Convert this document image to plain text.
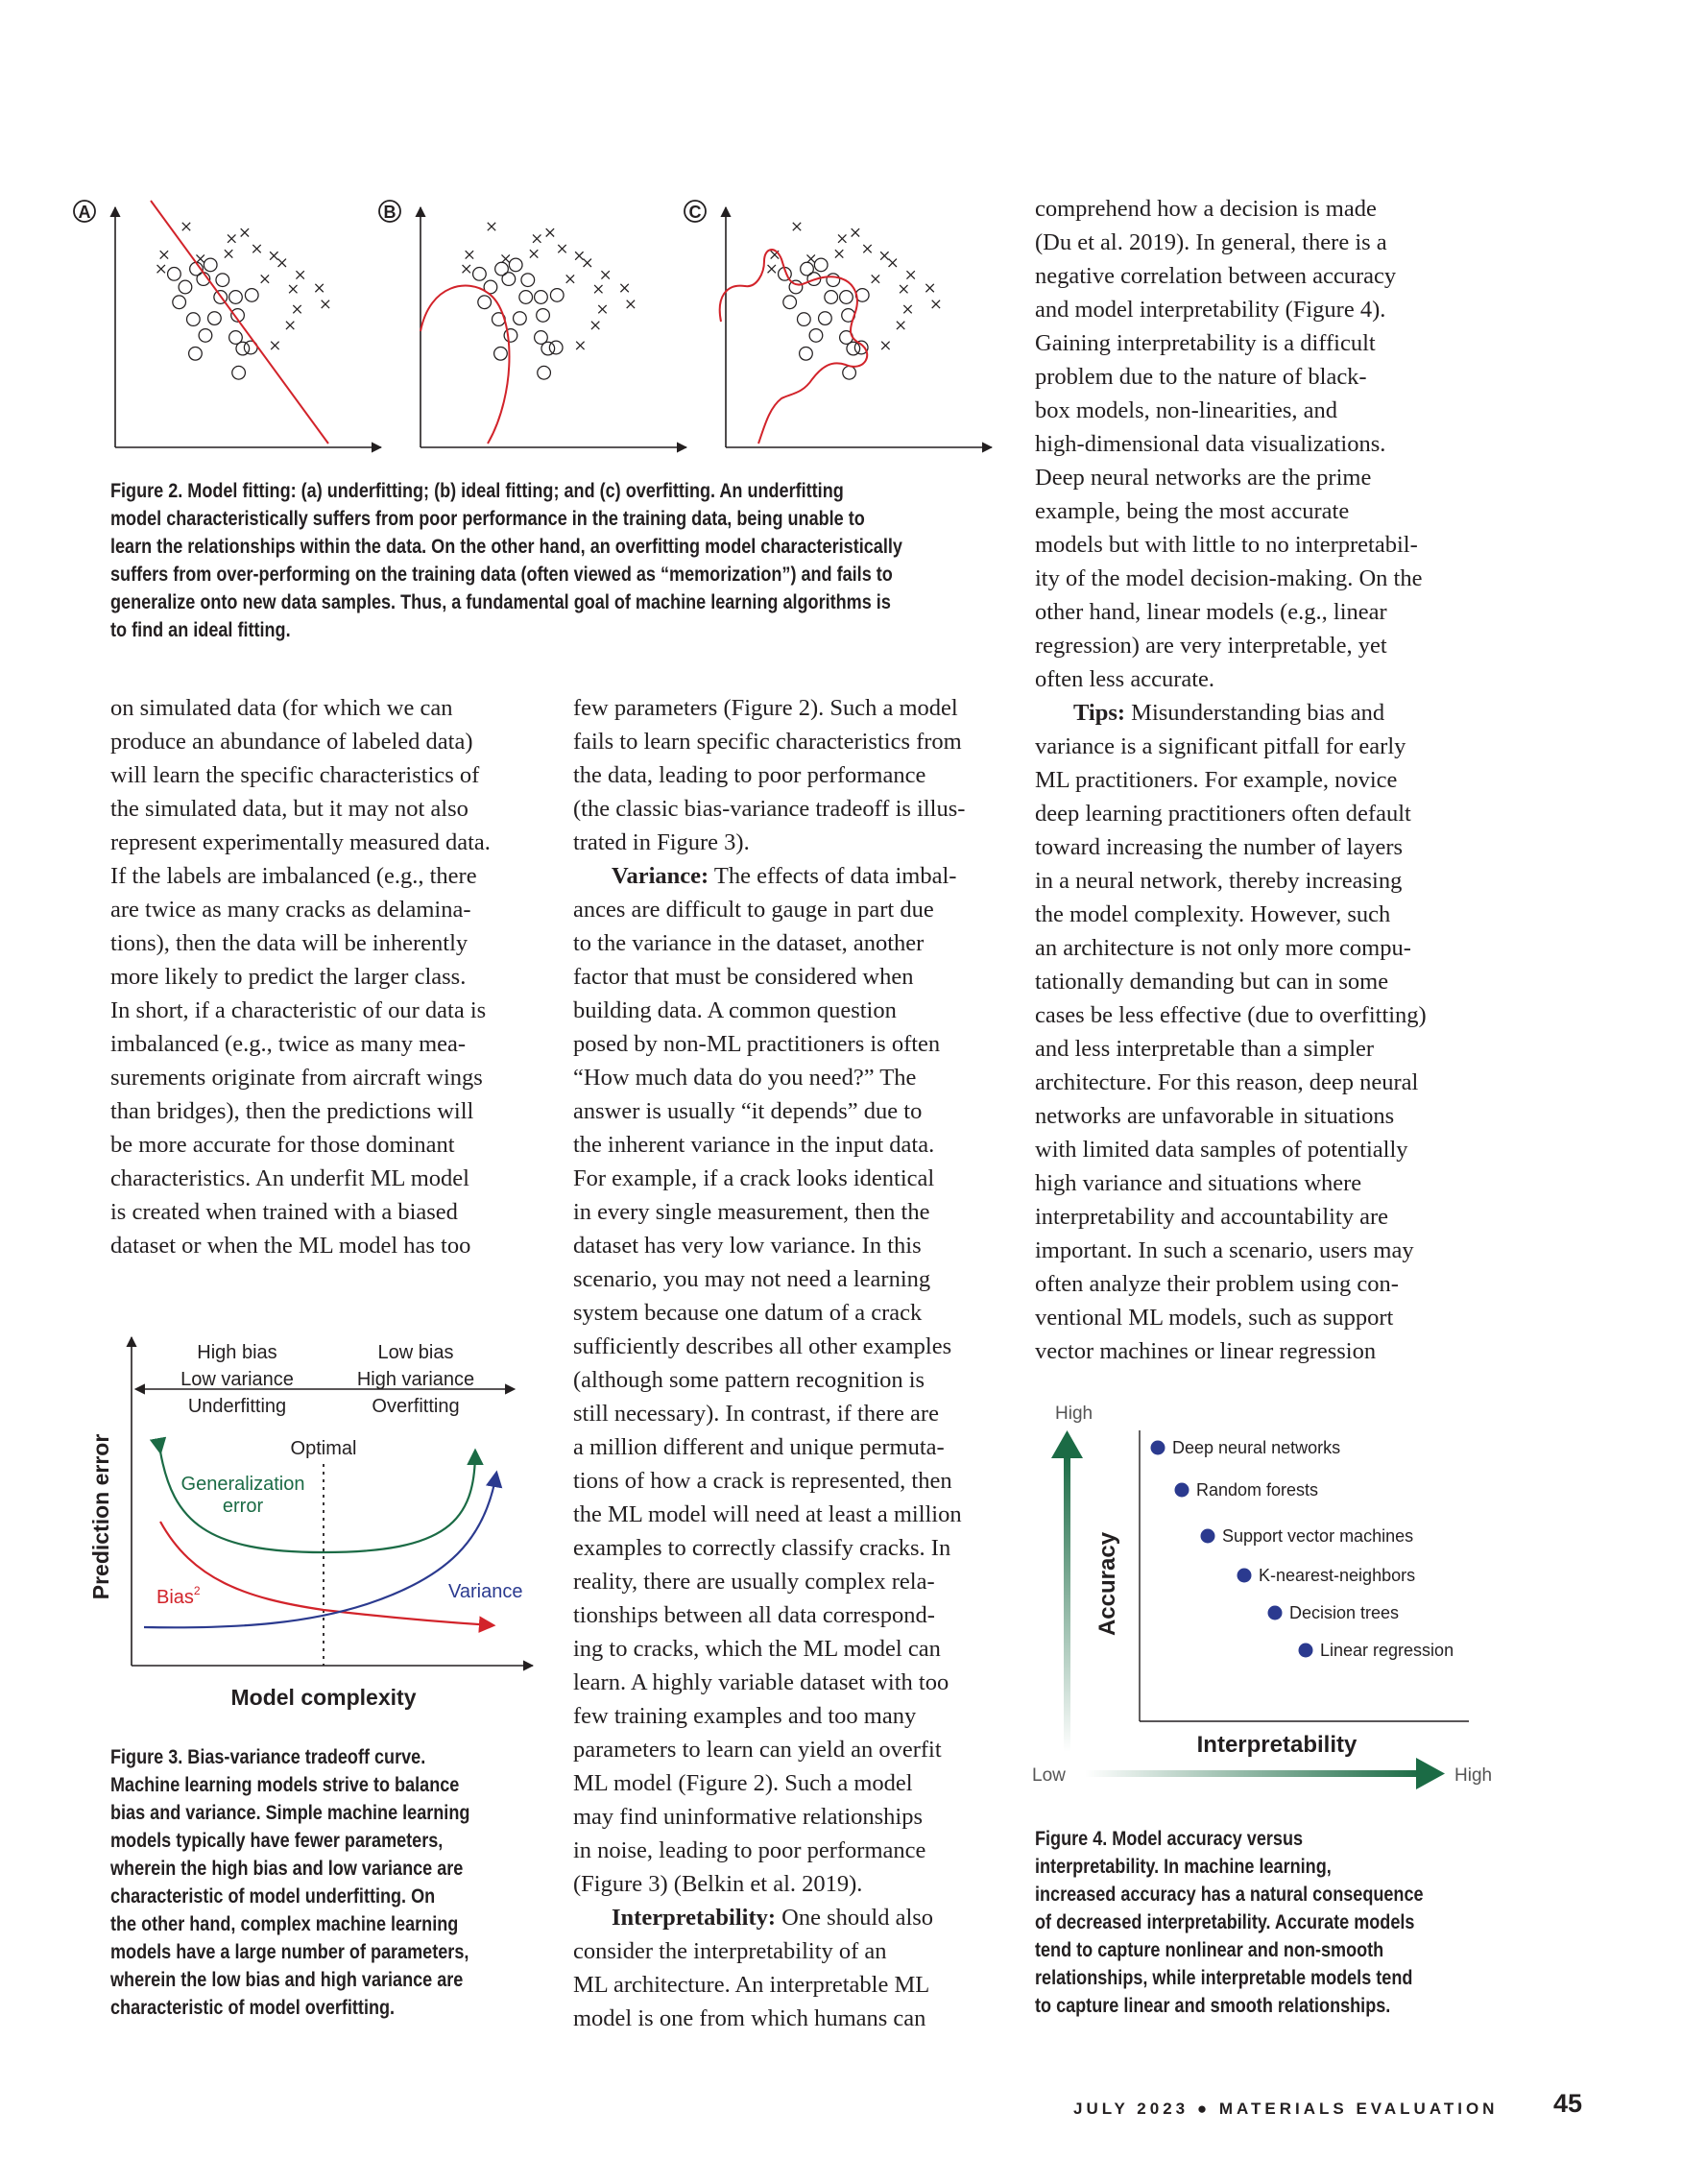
A	B	C
Figure 2. Model fitting: (a) underfitting; (b) ideal fitting; and (c) overfitting. An underfitting
model characteristically suffers from poor performance in the training data, being unable to
learn the relationships within the data. On the other hand, an overfitting model characteristically
suffers from over-performing on the training data (often viewed as “memorization”) and fails to
generalize onto new data samples. Thus, a fundamental goal of machine learning algorithms is
to find an ideal fitting.
on simulated data (for which we can
produce an abundance of labeled data)
will learn the specific characteristics of
the simulated data, but it may not also
represent experimentally measured data.
If the labels are imbalanced (e.g., there
are twice as many cracks as delamina-
tions), then the data will be inherently
more likely to predict the larger class.
In short, if a characteristic of our data is
imbalanced (e.g., twice as many mea-
surements originate from aircraft wings
than bridges), then the predictions will
be more accurate for those dominant
characteristics. An underfit ML model
is created when trained with a biased
dataset or when the ML model has too
few parameters (Figure 2). Such a model
fails to learn specific characteristics from
the data, leading to poor performance
(the classic bias-variance tradeoff is illus-
trated in Figure 3).
Variance: The effects of data imbal-
ances are difficult to gauge in part due
to the variance in the dataset, another
factor that must be considered when
building data. A common question
posed by non-ML practitioners is often
“How much data do you need?” The
answer is usually “it depends” due to
the inherent variance in the input data.
For example, if a crack looks identical
in every single measurement, then the
dataset has very low variance. In this
scenario, you may not need a learning
system because one datum of a crack
sufficiently describes all other examples
(although some pattern recognition is
still necessary). In contrast, if there are
a million different and unique permuta-
tions of how a crack is represented, then
the ML model will need at least a million
examples to correctly classify cracks. In
reality, there are usually complex rela-
tionships between all data correspond-
ing to cracks, which the ML model can
learn. A highly variable dataset with too
few training examples and too many
parameters to learn can yield an overfit
ML model (Figure 2). Such a model
may find uninformative relationships
in noise, leading to poor performance
(Figure 3) (Belkin et al. 2019).
Interpretability: One should also
consider the interpretability of an
ML architecture. An interpretable ML
model is one from which humans can
comprehend how a decision is made
(Du et al. 2019). In general, there is a
negative correlation between accuracy
and model interpretability (Figure 4).
Gaining interpretability is a difficult
problem due to the nature of black-
box models, non-linearities, and
high-dimensional data visualizations.
Deep neural networks are the prime
example, being the most accurate
models but with little to no interpretabil-
ity of the model decision-making. On the
other hand, linear models (e.g., linear
regression) are very interpretable, yet
often less accurate.
Tips: Misunderstanding bias and
variance is a significant pitfall for early
ML practitioners. For example, novice
deep learning practitioners often default
toward increasing the number of layers
in a neural network, thereby increasing
the model complexity. However, such
an architecture is not only more compu-
tationally demanding but can in some
cases be less effective (due to overfitting)
and less interpretable than a simpler
architecture. For this reason, deep neural
networks are unfavorable in situations
with limited data samples of potentially
high variance and situations where
interpretability and accountability are
important. In such a scenario, users may
often analyze their problem using con-
ventional ML models, such as support
vector machines or linear regression
High bias
Low variance
Underfitting
Low bias
High variance
Overfitting
Optimal
Generalization
error
Bias$^2$	Variance
Prediction error
Model complexity
Figure 3. Bias-variance tradeoff curve.
Machine learning models strive to balance
bias and variance. Simple machine learning
models typically have fewer parameters,
wherein the high bias and low variance are
characteristic of model underfitting. On
the other hand, complex machine learning
models have a large number of parameters,
wherein the low bias and high variance are
characteristic of model overfitting.
High
Accuracy
Deep neural networks
Random forests
Support vector machines
K-nearest-neighbors
Decision trees
Linear regression
Interpretability
Low	High
Figure 4. Model accuracy versus
interpretability. In machine learning,
increased accuracy has a natural consequence
of decreased interpretability. Accurate models
tend to capture nonlinear and non-smooth
relationships, while interpretable models tend
to capture linear and smooth relationships.
JULY 2023 ● MATERIALS EVALUATION 45
